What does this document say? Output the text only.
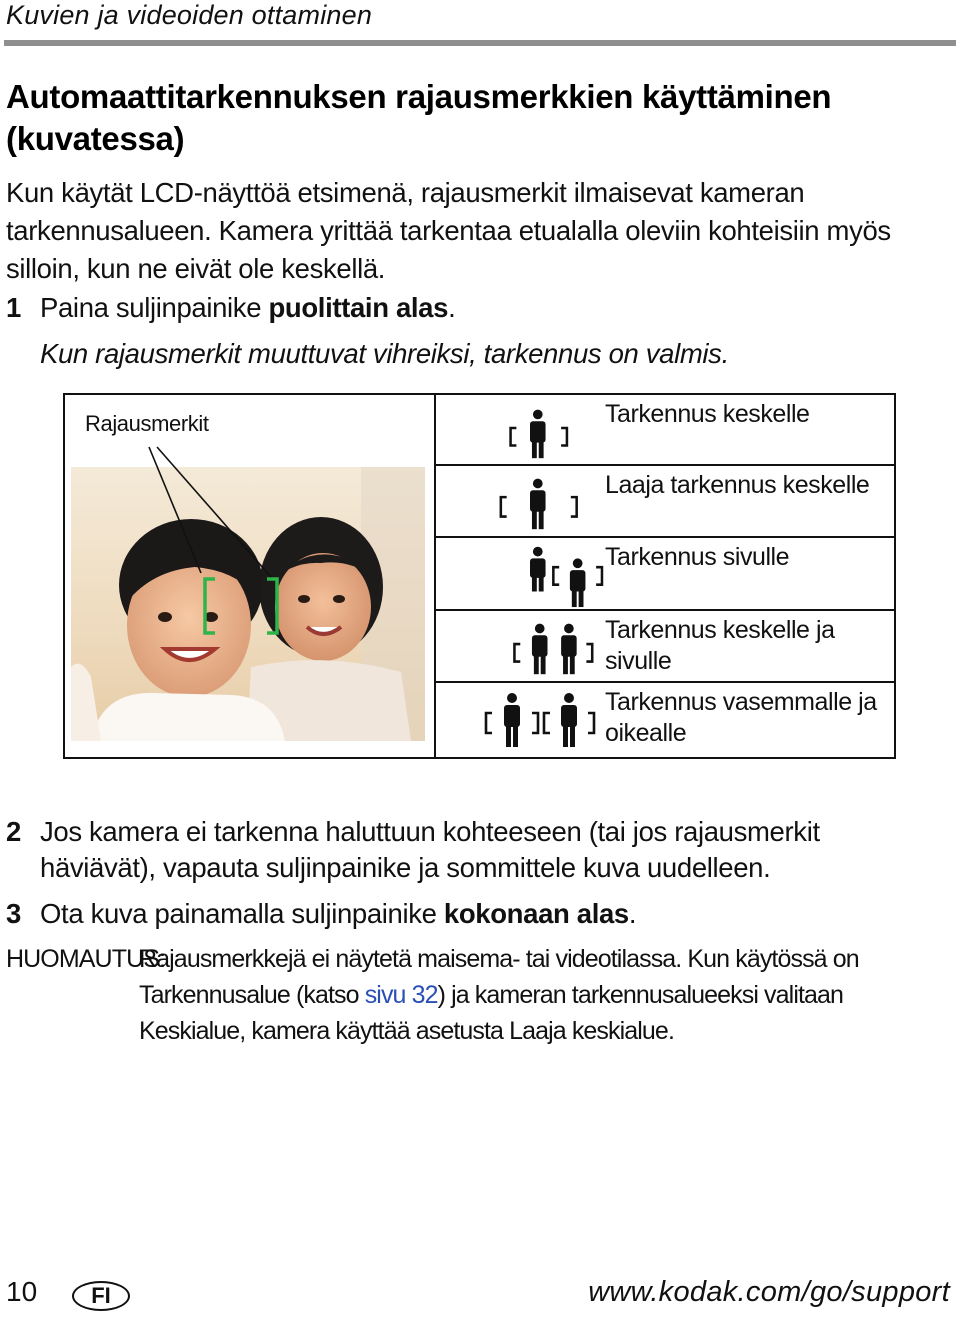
Kuvien ja videoiden ottaminen
Automaattitarkennuksen rajausmerkkien käyttäminen (kuvatessa)
Kun käytät LCD-näyttöä etsimenä, rajausmerkit ilmaisevat kameran tarkennusalueen. Kamera yrittää tarkentaa etualalla oleviin kohteisiin myös silloin, kun ne eivät ole keskellä.
1 Paina suljinpainike puolittain alas.
Kun rajausmerkit muuttuvat vihreiksi, tarkennus on valmis.
Rajausmerkit	Tarkennus keskelle
Laaja tarkennus keskelle
Tarkennus sivulle
Tarkennus keskelle ja sivulle
Tarkennus vasemmalle ja oikealle
2 Jos kamera ei tarkenna haluttuun kohteeseen (tai jos rajausmerkit häviävät), vapauta suljinpainike ja sommittele kuva uudelleen.
3 Ota kuva painamalla suljinpainike kokonaan alas.
HUOMAUTUS:
Rajausmerkkejä ei näytetä maisema- tai videotilassa. Kun käytössä on Tarkennusalue (katso sivu 32) ja kameran tarkennusalueeksi valitaan Keskialue, kamera käyttää asetusta Laaja keskialue.
10	FI	www.kodak.com/go/support
